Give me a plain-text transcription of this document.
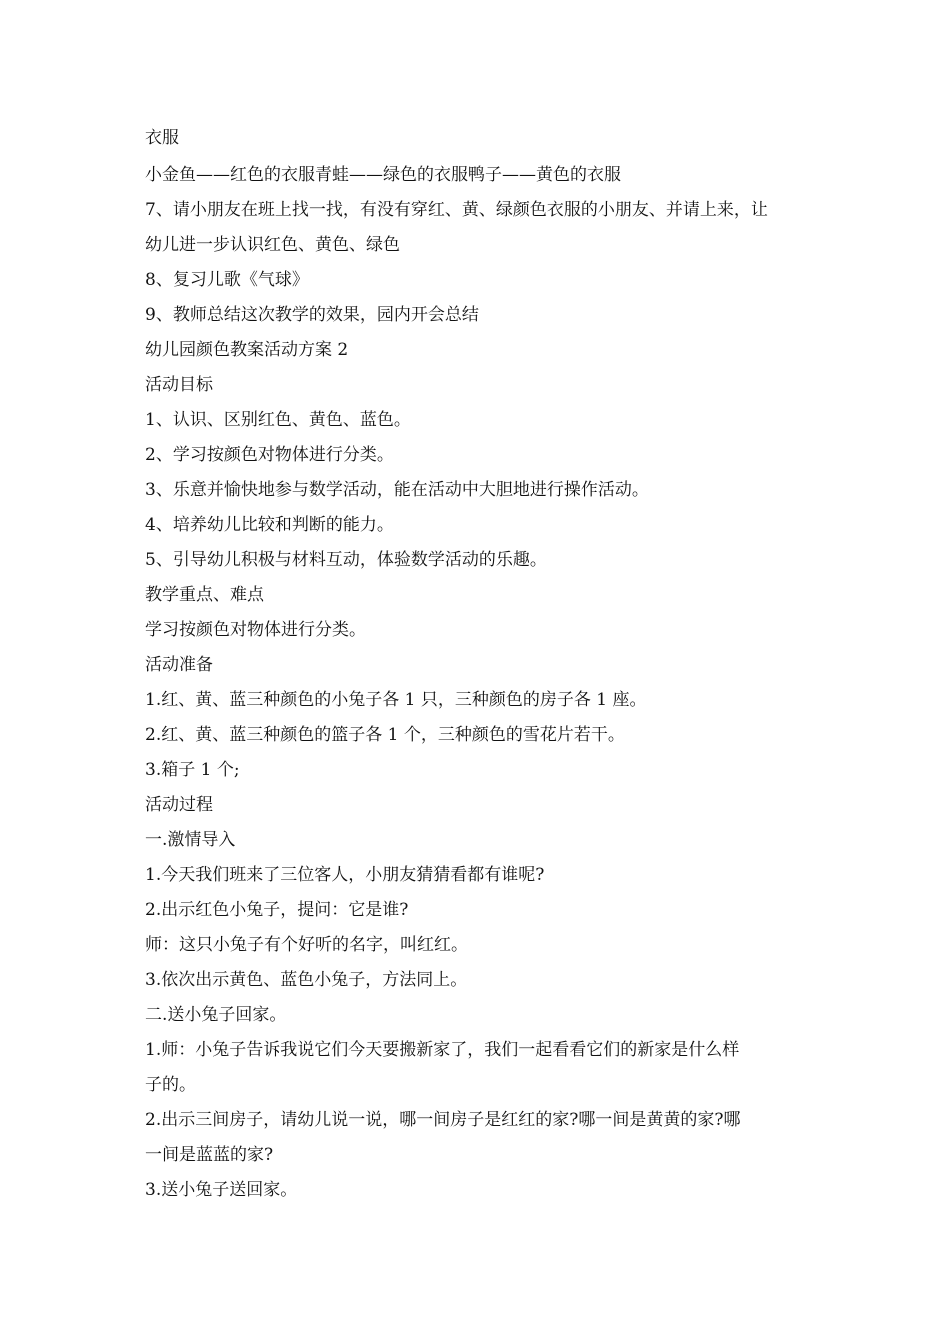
衣服

小金鱼——红色的衣服青蛙——绿色的衣服鸭子——黄色的衣服

7、请小朋友在班上找一找，有没有穿红、黄、绿颜色衣服的小朋友、并请上来，让

幼儿进一步认识红色、黄色、绿色

8、复习儿歌《气球》

9、教师总结这次教学的效果，园内开会总结

幼儿园颜色教案活动方案 2

活动目标

1、认识、区别红色、黄色、蓝色。

2、学习按颜色对物体进行分类。

3、乐意并愉快地参与数学活动，能在活动中大胆地进行操作活动。

4、培养幼儿比较和判断的能力。

5、引导幼儿积极与材料互动，体验数学活动的乐趣。

教学重点、难点

学习按颜色对物体进行分类。

活动准备

1.红、黄、蓝三种颜色的小兔子各 1 只，三种颜色的房子各 1 座。

2.红、黄、蓝三种颜色的篮子各 1 个，三种颜色的雪花片若干。

3.箱子 1 个;

活动过程

一.激情导入

1.今天我们班来了三位客人，小朋友猜猜看都有谁呢?

2.出示红色小兔子，提问：它是谁?

师：这只小兔子有个好听的名字，叫红红。

3.依次出示黄色、蓝色小兔子，方法同上。

二.送小兔子回家。

1.师：小兔子告诉我说它们今天要搬新家了，我们一起看看它们的新家是什么样

子的。

2.出示三间房子，请幼儿说一说，哪一间房子是红红的家?哪一间是黄黄的家?哪

一间是蓝蓝的家?

3.送小兔子送回家。
